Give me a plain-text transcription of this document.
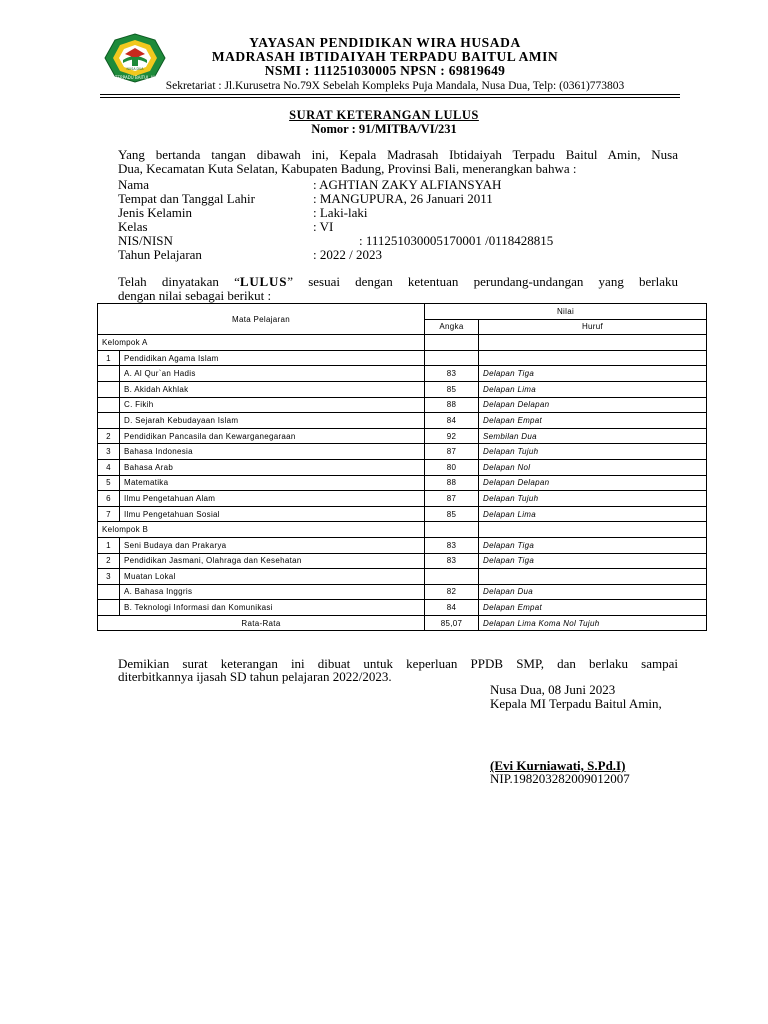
MI TERPADU BAITUL AMIN
NUSA DUA
YAYASAN PENDIDIKAN WIRA HUSADA
MADRASAH IBTIDAIYAH TERPADU BAITUL AMIN
NSMI : 111251030005 NPSN : 69819649
Sekretariat : Jl.Kurusetra No.79X Sebelah Kompleks Puja Mandala, Nusa Dua, Telp: (0361)773803
SURAT KETERANGAN LULUS
Nomor : 91/MITBA/VI/231
Yang bertanda tangan dibawah ini, Kepala Madrasah Ibtidaiyah Terpadu Baitul Amin, Nusa
Dua, Kecamatan Kuta Selatan, Kabupaten Badung, Provinsi Bali, menerangkan bahwa :
Nama	: AGHTIAN ZAKY ALFIANSYAH
Tempat dan Tanggal Lahir	: MANGUPURA, 26 Januari 2011
Jenis Kelamin	: Laki-laki
Kelas	: VI
NIS/NISN	: 111251030005170001 /0118428815
Tahun Pelajaran	: 2022 / 2023
Telah dinyatakan “LULUS” sesuai dengan ketentuan perundang-undangan yang berlaku
dengan nilai sebagai berikut :
Mata Pelajaran		Nilai	
		Angka	Huruf
Kelompok A			
1	Pendidikan Agama Islam		
	A. Al Qur`an Hadis	83	Delapan Tiga
	B. Akidah Akhlak	85	Delapan Lima
	C. Fikih	88	Delapan Delapan
	D. Sejarah Kebudayaan Islam	84	Delapan Empat
2	Pendidikan Pancasila dan Kewarganegaraan	92	Sembilan Dua
3	Bahasa Indonesia	87	Delapan Tujuh
4	Bahasa Arab	80	Delapan Nol
5	Matematika	88	Delapan Delapan
6	Ilmu Pengetahuan Alam	87	Delapan Tujuh
7	Ilmu Pengetahuan Sosial	85	Delapan Lima
Kelompok B			
1	Seni Budaya dan Prakarya	83	Delapan Tiga
2	Pendidikan Jasmani, Olahraga dan Kesehatan	83	Delapan Tiga
3	Muatan Lokal		
	A. Bahasa Inggris	82	Delapan Dua
	B. Teknologi Informasi dan Komunikasi	84	Delapan Empat
Rata-Rata		85,07	Delapan Lima Koma Nol Tujuh
Demikian surat keterangan ini dibuat untuk keperluan PPDB SMP, dan berlaku sampai
diterbitkannya ijasah SD tahun pelajaran 2022/2023.
Nusa Dua, 08 Juni 2023
Kepala MI Terpadu Baitul Amin,
(Evi Kurniawati, S.Pd.I)
NIP.198203282009012007
